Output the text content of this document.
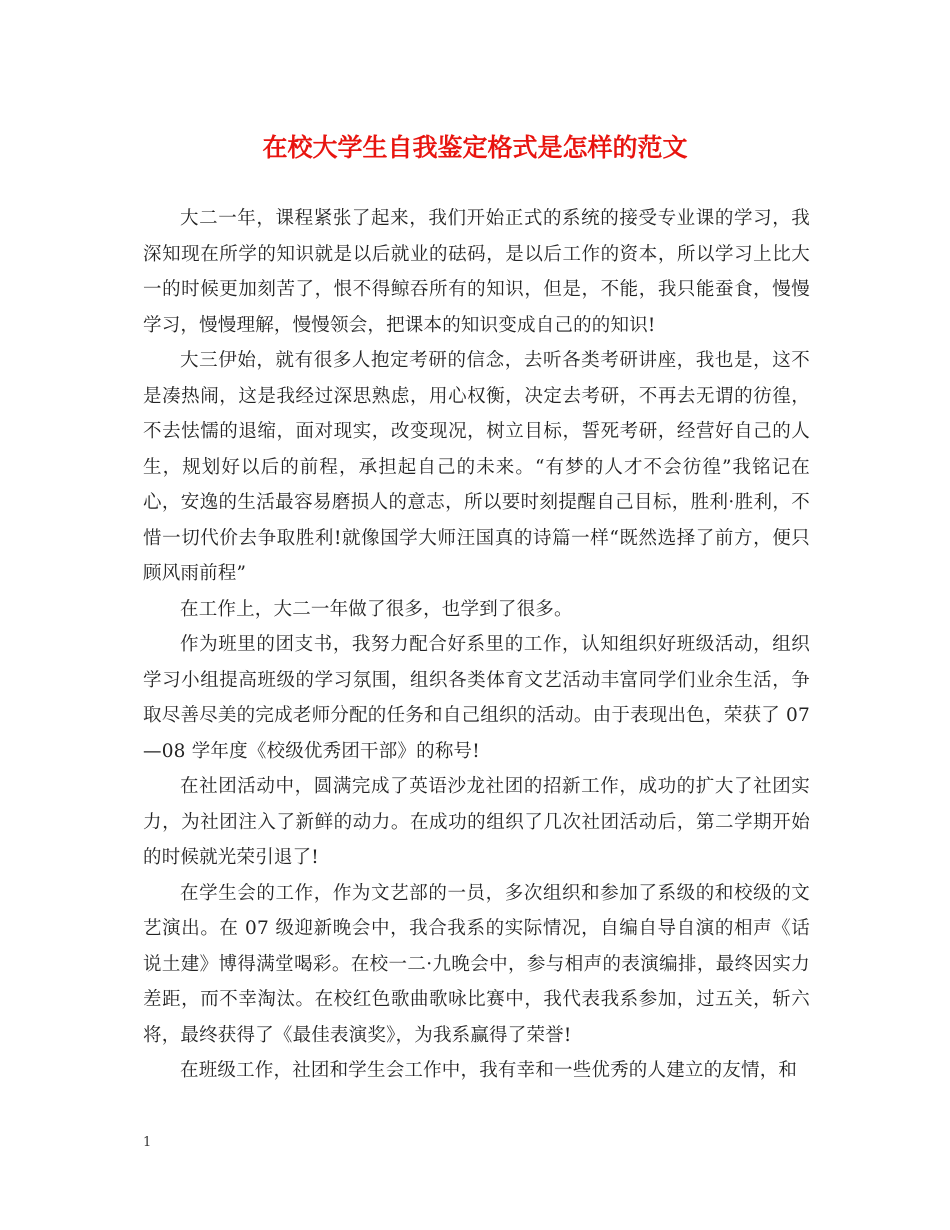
在校大学生自我鉴定格式是怎样的范文

大二一年，课程紧张了起来，我们开始正式的系统的接受专业课的学习，我深知现在所学的知识就是以后就业的砝码，是以后工作的资本，所以学习上比大一的时候更加刻苦了，恨不得鲸吞所有的知识，但是，不能，我只能蚕食，慢慢学习，慢慢理解，慢慢领会，把课本的知识变成自己的的知识!

大三伊始，就有很多人抱定考研的信念，去听各类考研讲座，我也是，这不是凑热闹，这是我经过深思熟虑，用心权衡，决定去考研，不再去无谓的彷徨，不去怯懦的退缩，面对现实，改变现况，树立目标，誓死考研，经营好自己的人生，规划好以后的前程，承担起自己的未来。“有梦的人才不会彷徨”我铭记在心，安逸的生活最容易磨损人的意志，所以要时刻提醒自己目标，胜利·胜利，不惜一切代价去争取胜利!就像国学大师汪国真的诗篇一样“既然选择了前方，便只顾风雨前程”

在工作上，大二一年做了很多，也学到了很多。

作为班里的团支书，我努力配合好系里的工作，认知组织好班级活动，组织学习小组提高班级的学习氛围，组织各类体育文艺活动丰富同学们业余生活，争取尽善尽美的完成老师分配的任务和自己组织的活动。由于表现出色，荣获了 07—08 学年度《校级优秀团干部》的称号!

在社团活动中，圆满完成了英语沙龙社团的招新工作，成功的扩大了社团实力，为社团注入了新鲜的动力。在成功的组织了几次社团活动后，第二学期开始的时候就光荣引退了!

在学生会的工作，作为文艺部的一员，多次组织和参加了系级的和校级的文艺演出。在 07 级迎新晚会中，我合我系的实际情况，自编自导自演的相声《话说土建》博得满堂喝彩。在校一二·九晚会中，参与相声的表演编排，最终因实力差距，而不幸淘汰。在校红色歌曲歌咏比赛中，我代表我系参加，过五关，斩六将，最终获得了《最佳表演奖》，为我系赢得了荣誉!

在班级工作，社团和学生会工作中，我有幸和一些优秀的人建立的友情，和

1
